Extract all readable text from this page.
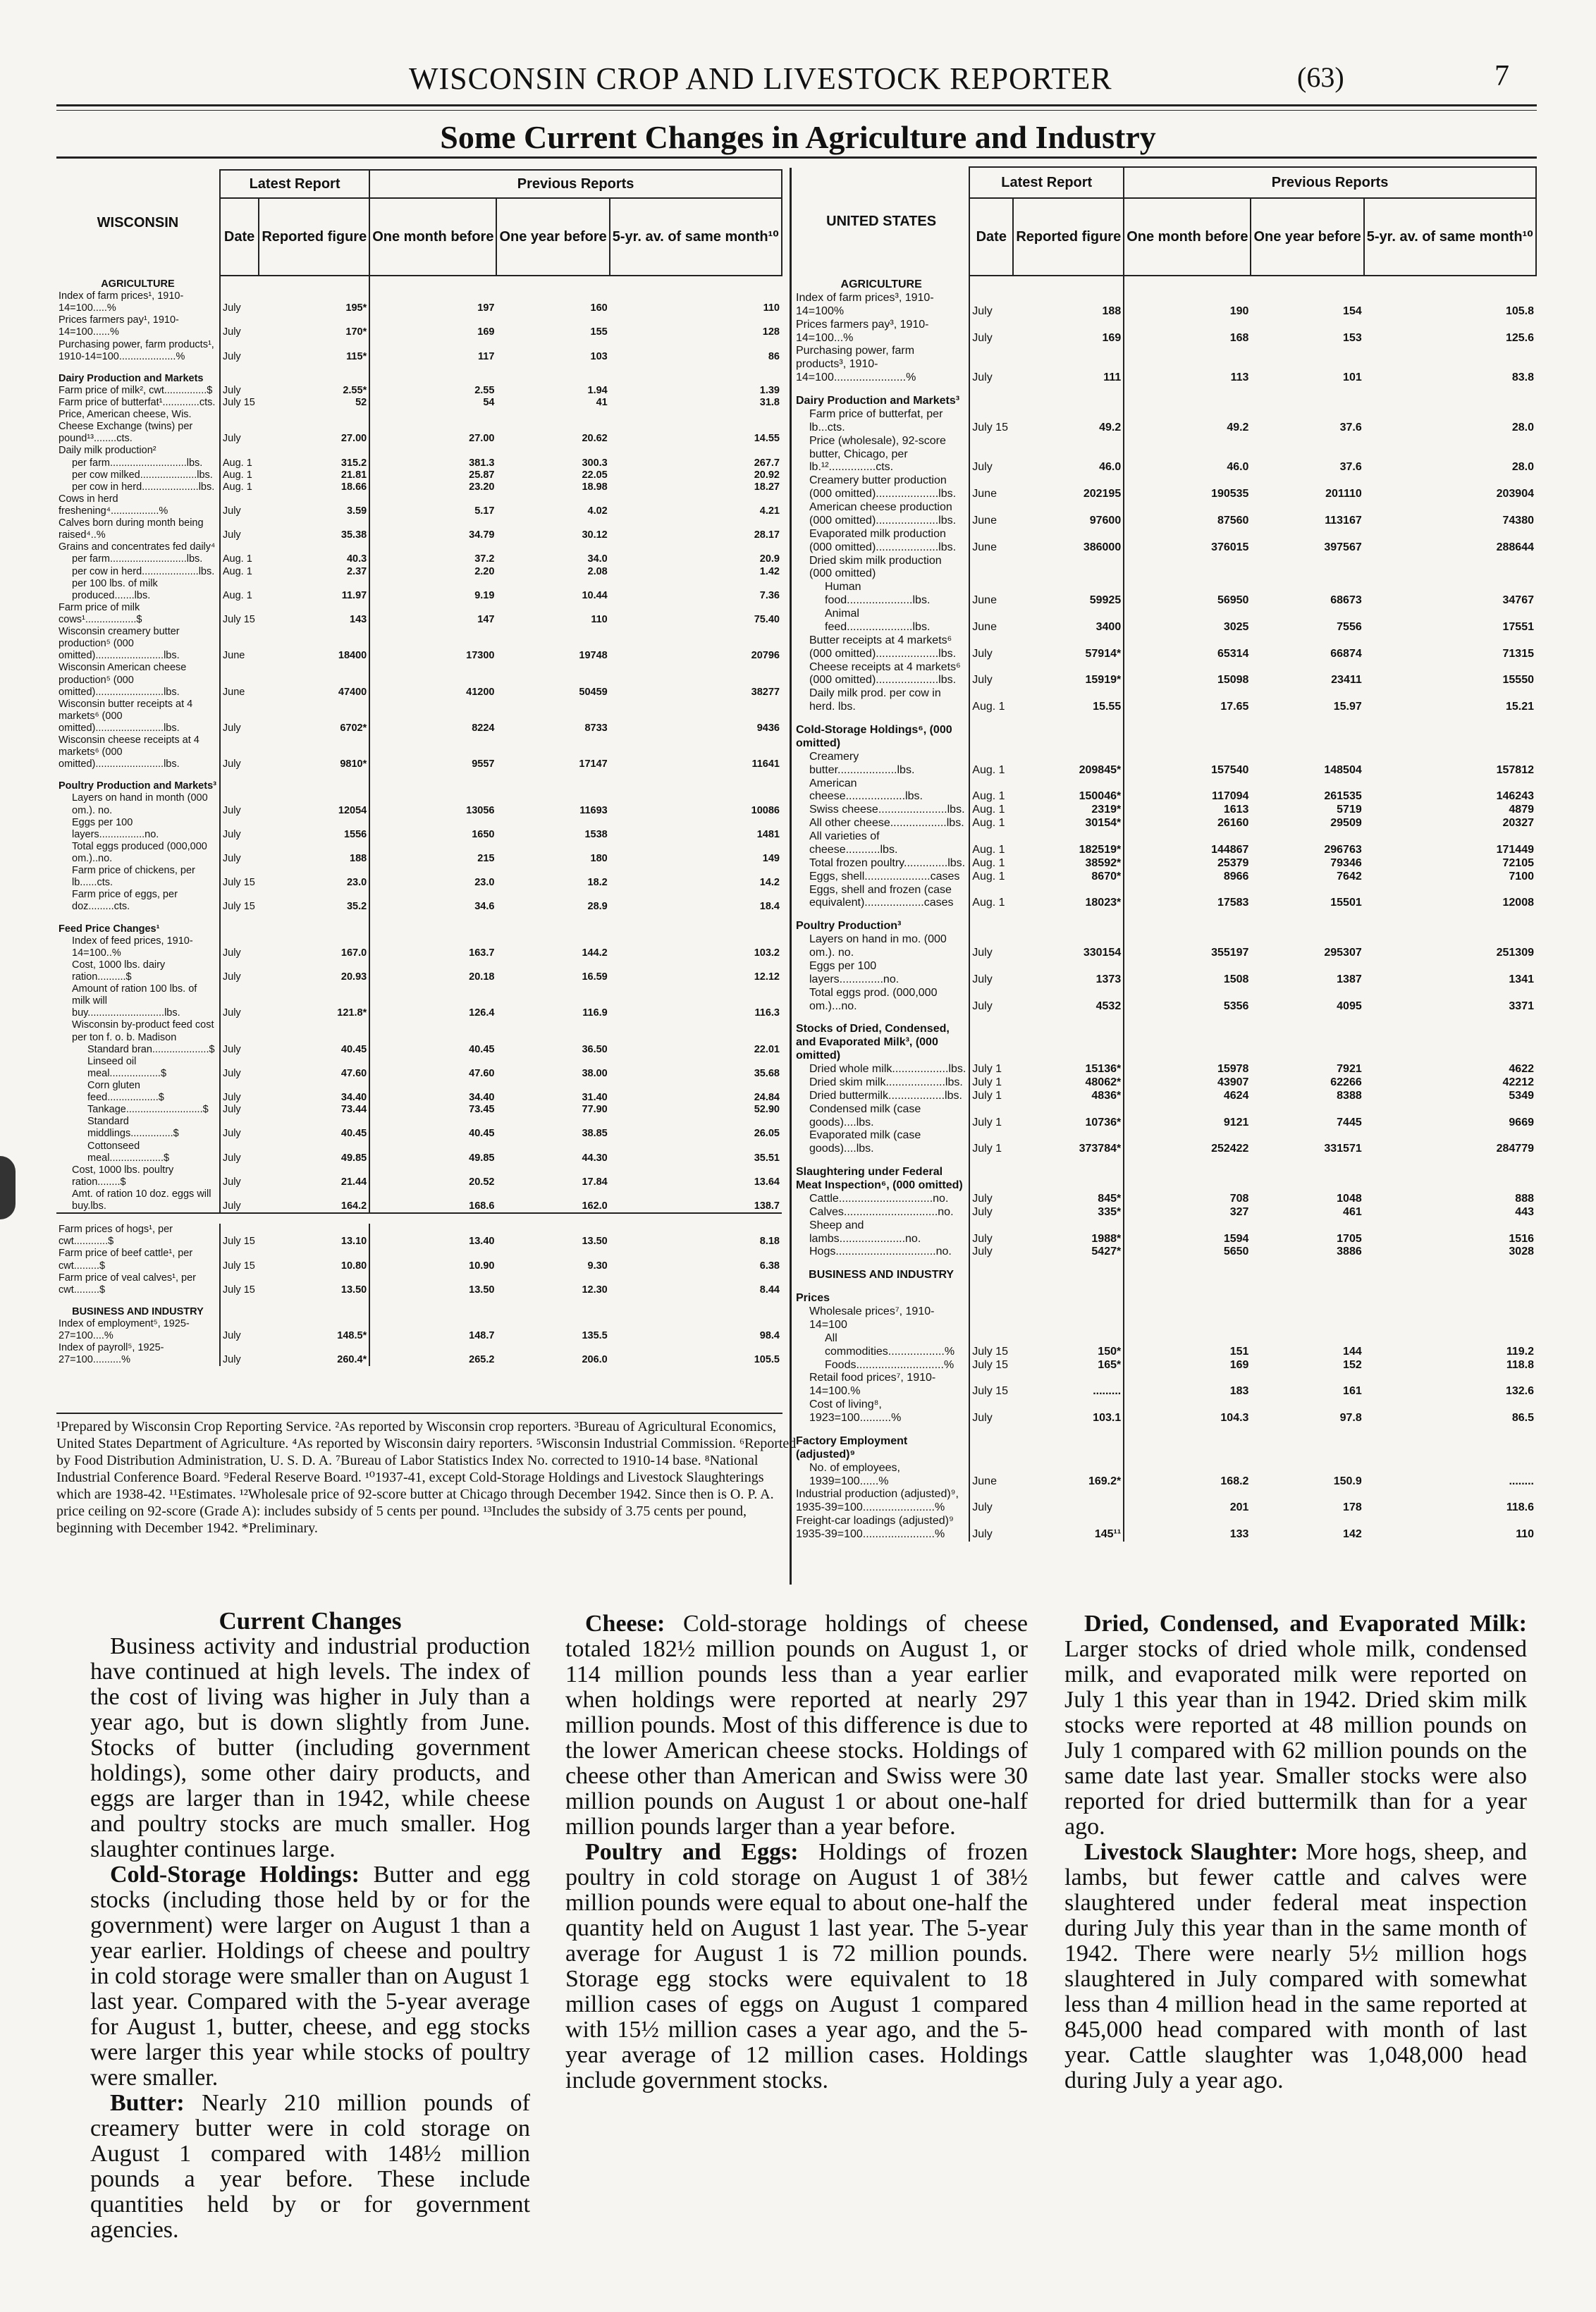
WISCONSIN CROP AND LIVESTOCK REPORTER	(63)	7
Some Current Changes in Agriculture and Industry
WISCONSIN	Latest Report		Previous Reports		
	Date	Reported figure	One month before	One year before	5-yr. av. of same month¹⁰
AGRICULTURE					
Index of farm prices¹, 1910-14=100.....%	July	195*	197	160	110
Prices farmers pay¹, 1910-14=100......%	July	170*	169	155	128
Purchasing power, farm products¹, 1910-14=100....................%	July	115*	117	103	86
Dairy Production and Markets					
Farm price of milk², cwt...............$	July	2.55*	2.55	1.94	1.39
Farm price of butterfat¹.............cts.	July 15	52	54	41	31.8
Price, American cheese, Wis. Cheese Exchange (twins) per pound¹³........cts.	July	27.00	27.00	20.62	14.55
Daily milk production²					
per farm...........................lbs.	Aug. 1	315.2	381.3	300.3	267.7
per cow milked....................lbs.	Aug. 1	21.81	25.87	22.05	20.92
per cow in herd....................lbs.	Aug. 1	18.66	23.20	18.98	18.27
Cows in herd freshening⁴.................%	July	3.59	5.17	4.02	4.21
Calves born during month being raised⁴..%	July	35.38	34.79	30.12	28.17
Grains and concentrates fed daily⁴					
per farm...........................lbs.	Aug. 1	40.3	37.2	34.0	20.9
per cow in herd....................lbs.	Aug. 1	2.37	2.20	2.08	1.42
per 100 lbs. of milk produced.......lbs.	Aug. 1	11.97	9.19	10.44	7.36
Farm price of milk cows¹..................$	July 15	143	147	110	75.40
Wisconsin creamery butter production⁵ (000 omitted)........................lbs.	June	18400	17300	19748	20796
Wisconsin American cheese production⁵ (000 omitted)........................lbs.	June	47400	41200	50459	38277
Wisconsin butter receipts at 4 markets⁶ (000 omitted)........................lbs.	July	6702*	8224	8733	9436
Wisconsin cheese receipts at 4 markets⁶ (000 omitted)........................lbs.	July	9810*	9557	17147	11641
Poultry Production and Markets³					
Layers on hand in month (000 om.). no.	July	12054	13056	11693	10086
Eggs per 100 layers................no.	July	1556	1650	1538	1481
Total eggs produced (000,000 om.)..no.	July	188	215	180	149
Farm price of chickens, per lb......cts.	July 15	23.0	23.0	18.2	14.2
Farm price of eggs, per doz.........cts.	July 15	35.2	34.6	28.9	18.4
Feed Price Changes¹					
Index of feed prices, 1910-14=100..%	July	167.0	163.7	144.2	103.2
Cost, 1000 lbs. dairy ration..........$	July	20.93	20.18	16.59	12.12
Amount of ration 100 lbs. of milk will buy...........................lbs.	July	121.8*	126.4	116.9	116.3
Wisconsin by-product feed cost per ton f. o. b. Madison					
Standard bran....................$	July	40.45	40.45	36.50	22.01
Linseed oil meal..................$	July	47.60	47.60	38.00	35.68
Corn gluten feed..................$	July	34.40	34.40	31.40	24.84
Tankage...........................$	July	73.44	73.45	77.90	52.90
Standard middlings...............$	July	40.45	40.45	38.85	26.05
Cottonseed meal...................$	July	49.85	49.85	44.30	35.51
Cost, 1000 lbs. poultry ration........$	July	21.44	20.52	17.84	13.64
Amt. of ration 10 doz. eggs will buy.lbs.	July	164.2	168.6	162.0	138.7

Farm prices of hogs¹, per cwt............$	July 15	13.10	13.40	13.50	8.18
Farm price of beef cattle¹, per cwt.........$	July 15	10.80	10.90	9.30	6.38
Farm price of veal calves¹, per cwt.........$	July 15	13.50	13.50	12.30	8.44
BUSINESS AND INDUSTRY					
Index of employment⁵, 1925-27=100....%	July	148.5*	148.7	135.5	98.4
Index of payroll⁵, 1925-27=100..........%	July	260.4*	265.2	206.0	105.5
UNITED STATES	Latest Report		Previous Reports		
	Date	Reported figure	One month before	One year before	5-yr. av. of same month¹⁰
AGRICULTURE					
Index of farm prices³, 1910-14=100%	July	188	190	154	105.8
Prices farmers pay³, 1910-14=100...%	July	169	168	153	125.6
Purchasing power, farm products³, 1910-14=100.......................%	July	111	113	101	83.8
Dairy Production and Markets³					
Farm price of butterfat, per lb...cts.	July 15	49.2	49.2	37.6	28.0
Price (wholesale), 92-score butter, Chicago, per lb.¹²...............cts.	July	46.0	46.0	37.6	28.0
Creamery butter production (000 omitted)....................lbs.	June	202195	190535	201110	203904
American cheese production (000 omitted)....................lbs.	June	97600	87560	113167	74380
Evaporated milk production (000 omitted)....................lbs.	June	386000	376015	397567	288644
Dried skim milk production (000 omitted)					
Human food.....................lbs.	June	59925	56950	68673	34767
Animal feed.....................lbs.	June	3400	3025	7556	17551
Butter receipts at 4 markets⁶ (000 omitted)....................lbs.	July	57914*	65314	66874	71315
Cheese receipts at 4 markets⁶ (000 omitted)....................lbs.	July	15919*	15098	23411	15550
Daily milk prod. per cow in herd. lbs.	Aug. 1	15.55	17.65	15.97	15.21
Cold-Storage Holdings⁶, (000 omitted)					
Creamery butter...................lbs.	Aug. 1	209845*	157540	148504	157812
American cheese...................lbs.	Aug. 1	150046*	117094	261535	146243
Swiss cheese......................lbs.	Aug. 1	2319*	1613	5719	4879
All other cheese..................lbs.	Aug. 1	30154*	26160	29509	20327
All varieties of cheese...........lbs.	Aug. 1	182519*	144867	296763	171449
Total frozen poultry..............lbs.	Aug. 1	38592*	25379	79346	72105
Eggs, shell.....................cases	Aug. 1	8670*	8966	7642	7100
Eggs, shell and frozen (case equivalent)...................cases	Aug. 1	18023*	17583	15501	12008
Poultry Production³					
Layers on hand in mo. (000 om.). no.	July	330154	355197	295307	251309
Eggs per 100 layers..............no.	July	1373	1508	1387	1341
Total eggs prod. (000,000 om.)...no.	July	4532	5356	4095	3371
Stocks of Dried, Condensed, and Evaporated Milk³, (000 omitted)					
Dried whole milk..................lbs.	July 1	15136*	15978	7921	4622
Dried skim milk...................lbs.	July 1	48062*	43907	62266	42212
Dried buttermilk..................lbs.	July 1	4836*	4624	8388	5349
Condensed milk (case goods)....lbs.	July 1	10736*	9121	7445	9669
Evaporated milk (case goods)....lbs.	July 1	373784*	252422	331571	284779
Slaughtering under Federal Meat Inspection⁶, (000 omitted)					
Cattle..............................no.	July	845*	708	1048	888
Calves..............................no.	July	335*	327	461	443
Sheep and lambs.....................no.	July	1988*	1594	1705	1516
Hogs................................no.	July	5427*	5650	3886	3028
BUSINESS AND INDUSTRY					
Prices					
Wholesale prices⁷, 1910-14=100					
All commodities..................%	July 15	150*	151	144	119.2
Foods............................%	July 15	165*	169	152	118.8
Retail food prices⁷, 1910-14=100.%	July 15	.........	183	161	132.6
Cost of living⁸, 1923=100..........%	July	103.1	104.3	97.8	86.5
Factory Employment (adjusted)⁹					
No. of employees, 1939=100......%	June	169.2*	168.2	150.9	........
Industrial production (adjusted)⁹, 1935-39=100.......................%	July		201	178	118.6
Freight-car loadings (adjusted)⁹ 1935-39=100.......................%	July	145¹¹	133	142	110
¹Prepared by Wisconsin Crop Reporting Service. ²As reported by Wisconsin crop reporters. ³Bureau of Agricultural Economics, United States Department of Agriculture. ⁴As reported by Wisconsin dairy reporters. ⁵Wisconsin Industrial Commission. ⁶Reported by Food Distribution Administration, U. S. D. A. ⁷Bureau of Labor Statistics Index No. corrected to 1910-14 base. ⁸National Industrial Conference Board. ⁹Federal Reserve Board. ¹⁰1937-41, except Cold-Storage Holdings and Livestock Slaughterings which are 1938-42. ¹¹Estimates. ¹²Wholesale price of 92-score butter at Chicago through December 1942. Since then is O. P. A. price ceiling on 92-score (Grade A): includes subsidy of 5 cents per pound. ¹³Includes the subsidy of 3.75 cents per pound, beginning with December 1942. *Preliminary.
Current Changes

Business activity and industrial production have continued at high levels. The index of the cost of living was higher in July than a year ago, but is down slightly from June. Stocks of butter (including government holdings), some other dairy products, and eggs are larger than in 1942, while cheese and poultry stocks are much smaller. Hog slaughter continues large.

Cold-Storage Holdings: Butter and egg stocks (including those held by or for the government) were larger on August 1 than a year earlier. Holdings of cheese and poultry in cold storage were smaller than on August 1 last year. Compared with the 5-year average for August 1, butter, cheese, and egg stocks were larger this year while stocks of poultry were smaller.

Butter: Nearly 210 million pounds of creamery butter were in cold storage on August 1 compared with 148½ million pounds a year before. These include quantities held by or for government agencies.

Cheese: Cold-storage holdings of cheese totaled 182½ million pounds on August 1, or 114 million pounds less than a year earlier when holdings were reported at nearly 297 million pounds. Most of this difference is due to the lower American cheese stocks. Holdings of cheese other than American and Swiss were 30 million pounds on August 1 or about one-half million pounds larger than a year before.

Poultry and Eggs: Holdings of frozen poultry in cold storage on August 1 of 38½ million pounds were equal to about one-half the quantity held on August 1 last year. The 5-year average for August 1 is 72 million pounds. Storage egg stocks were equivalent to 18 million cases of eggs on August 1 compared with 15½ million cases a year ago, and the 5-year average of 12 million cases. Holdings include government stocks.

Dried, Condensed, and Evaporated Milk: Larger stocks of dried whole milk, condensed milk, and evaporated milk were reported on July 1 this year than in 1942. Dried skim milk stocks were reported at 48 million pounds on July 1 compared with 62 million pounds on the same date last year. Smaller stocks were also reported for dried buttermilk than for a year ago.

Livestock Slaughter: More hogs, sheep, and lambs, but fewer cattle and calves were slaughtered under federal meat inspection during July this year than in the same month of 1942. There were nearly 5½ million hogs slaughtered in July compared with somewhat less than 4 million head in the same reported at 845,000 head compared with month of last year. Cattle slaughter was 1,048,000 head during July a year ago.
